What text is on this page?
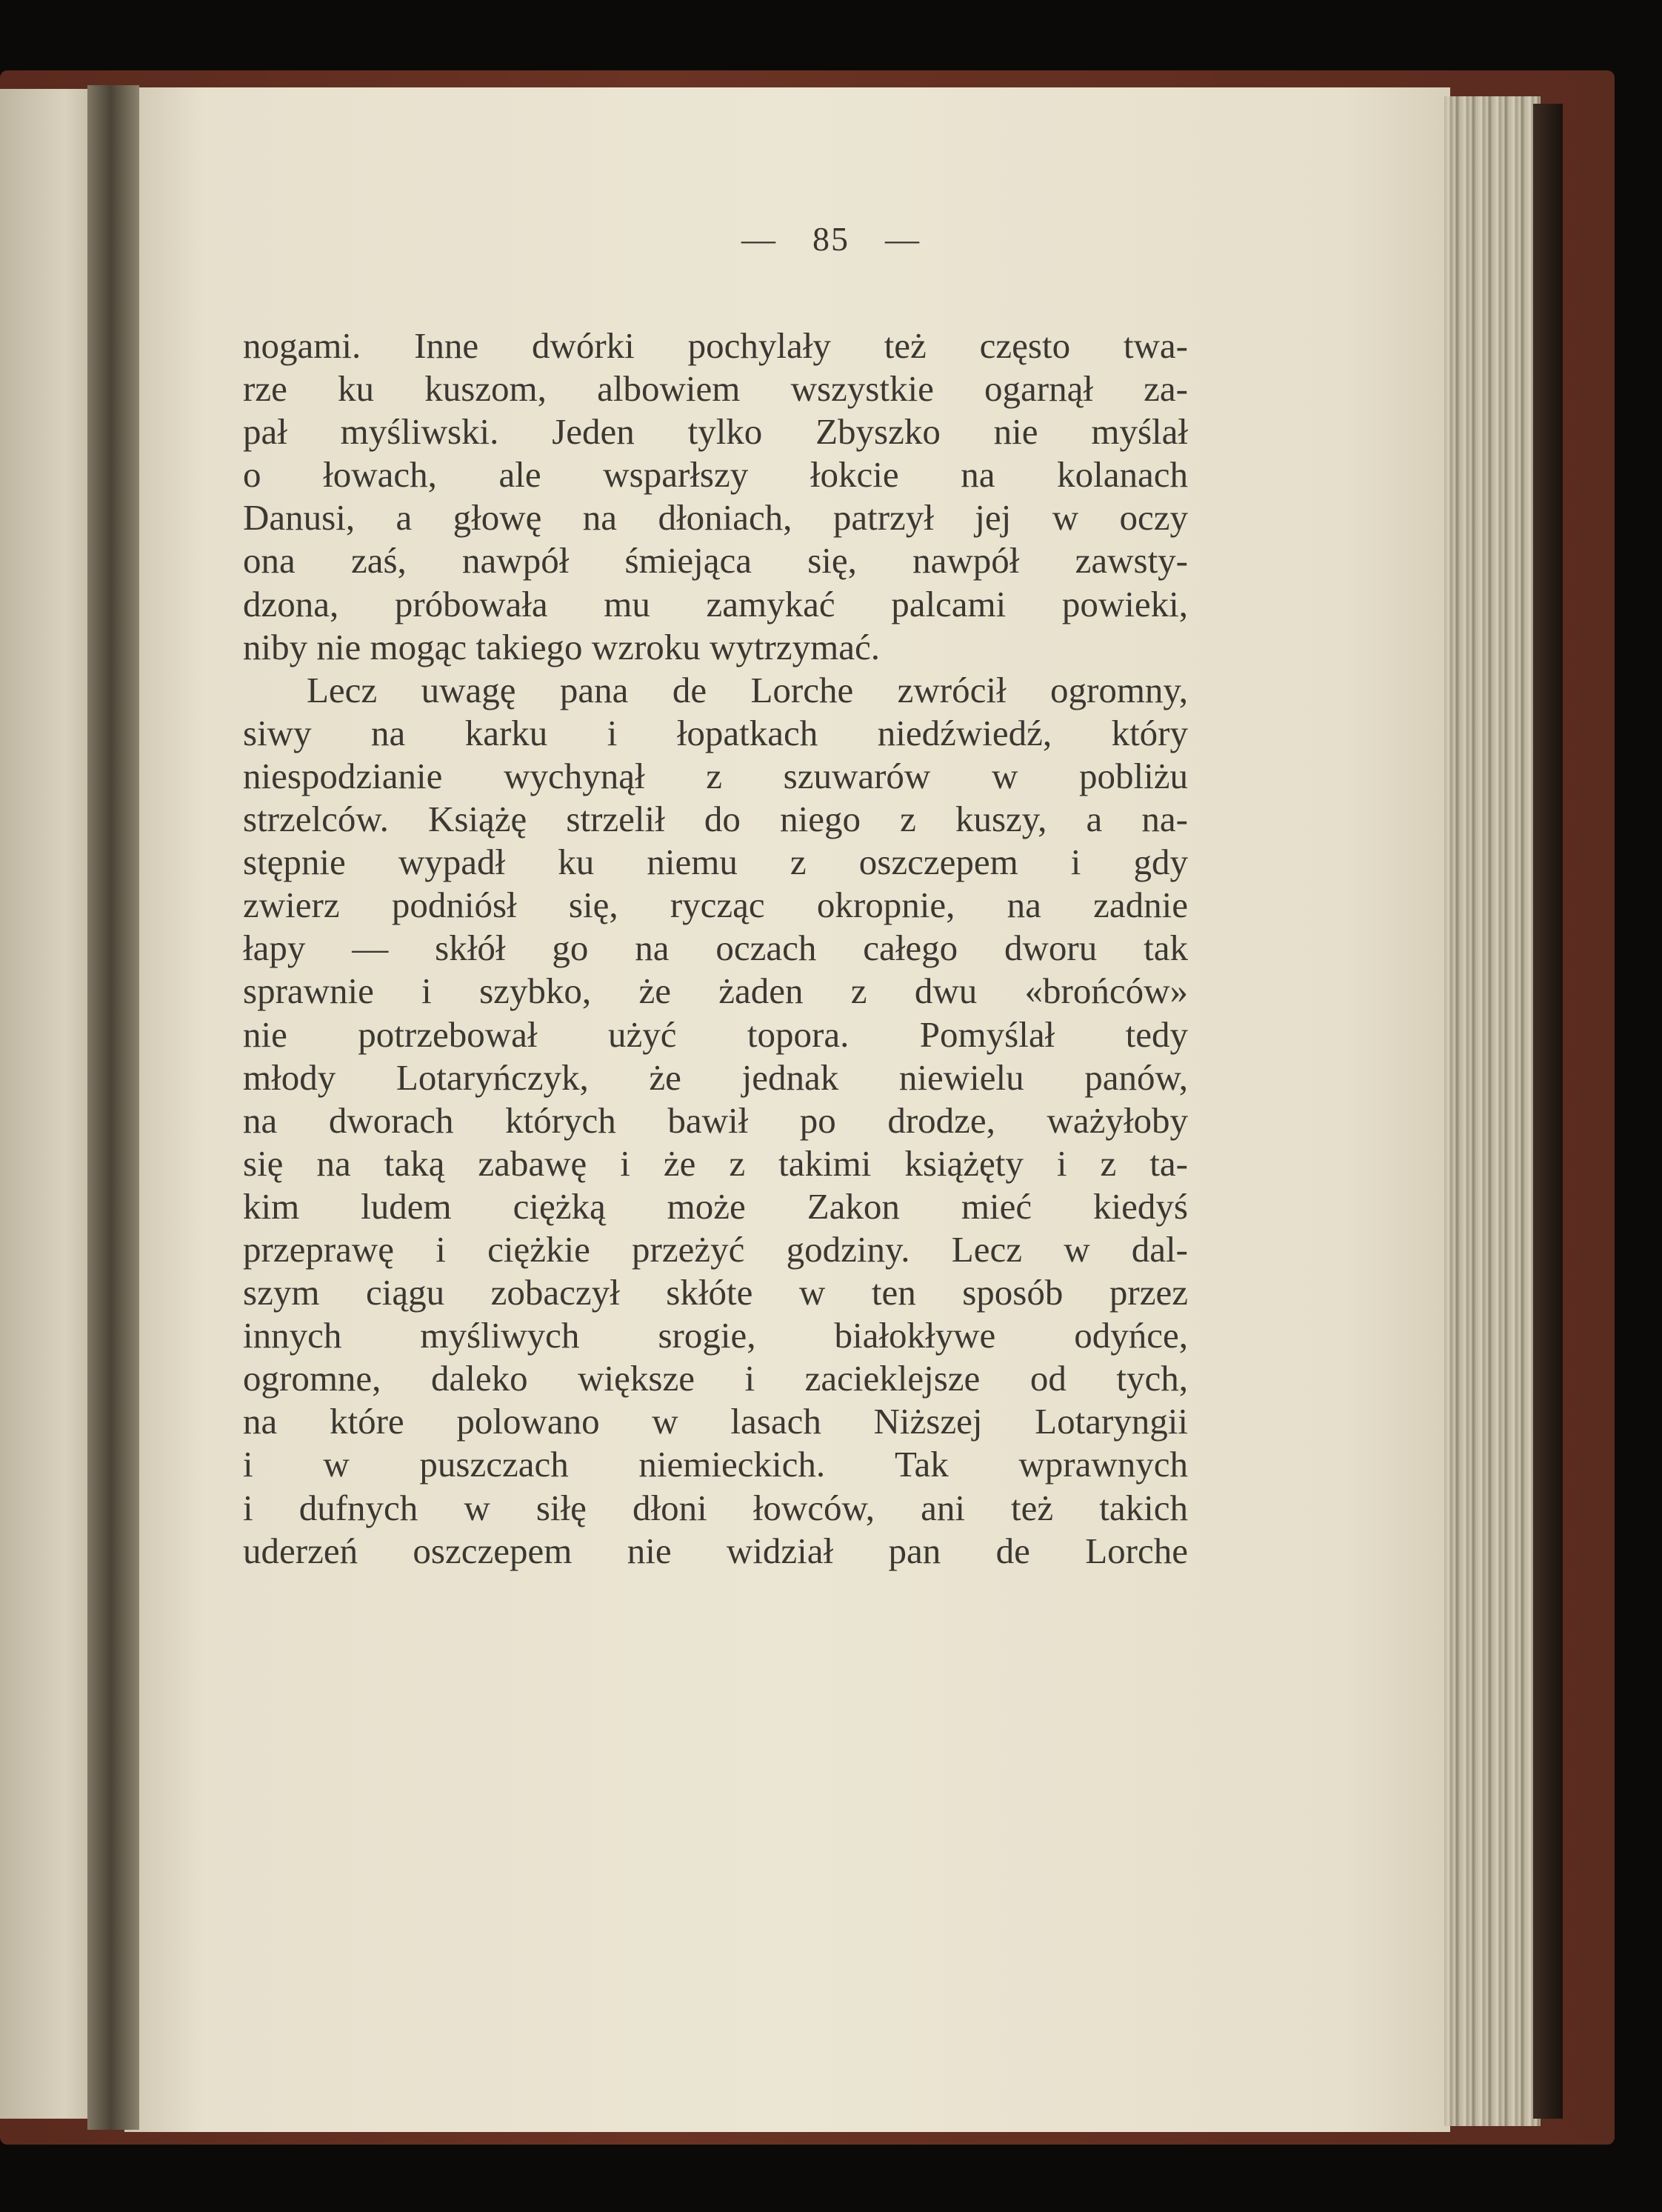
— 85 —
nogami. Inne dwórki pochylały też często twa-
rze ku kuszom, albowiem wszystkie ogarnął za-
pał myśliwski. Jeden tylko Zbyszko nie myślał
o łowach, ale wsparłszy łokcie na kolanach
Danusi, a głowę na dłoniach, patrzył jej w oczy
ona zaś, nawpół śmiejąca się, nawpół zawsty-
dzona, próbowała mu zamykać palcami powieki,
niby nie mogąc takiego wzroku wytrzymać.
Lecz uwagę pana de Lorche zwrócił ogromny,
siwy na karku i łopatkach niedźwiedź, który
niespodzianie wychynął z szuwarów w pobliżu
strzelców. Książę strzelił do niego z kuszy, a na-
stępnie wypadł ku niemu z oszczepem i gdy
zwierz podniósł się, rycząc okropnie, na zadnie
łapy — skłół go na oczach całego dworu tak
sprawnie i szybko, że żaden z dwu «brońców»
nie potrzebował użyć topora. Pomyślał tedy
młody Lotaryńczyk, że jednak niewielu panów,
na dworach których bawił po drodze, ważyłoby
się na taką zabawę i że z takimi książęty i z ta-
kim ludem ciężką może Zakon mieć kiedyś
przeprawę i ciężkie przeżyć godziny. Lecz w dal-
szym ciągu zobaczył skłóte w ten sposób przez
innych myśliwych srogie, białokływe odyńce,
ogromne, daleko większe i zacieklejsze od tych,
na które polowano w lasach Niższej Lotaryngii
i w puszczach niemieckich. Tak wprawnych
i dufnych w siłę dłoni łowców, ani też takich
uderzeń oszczepem nie widział pan de Lorche
